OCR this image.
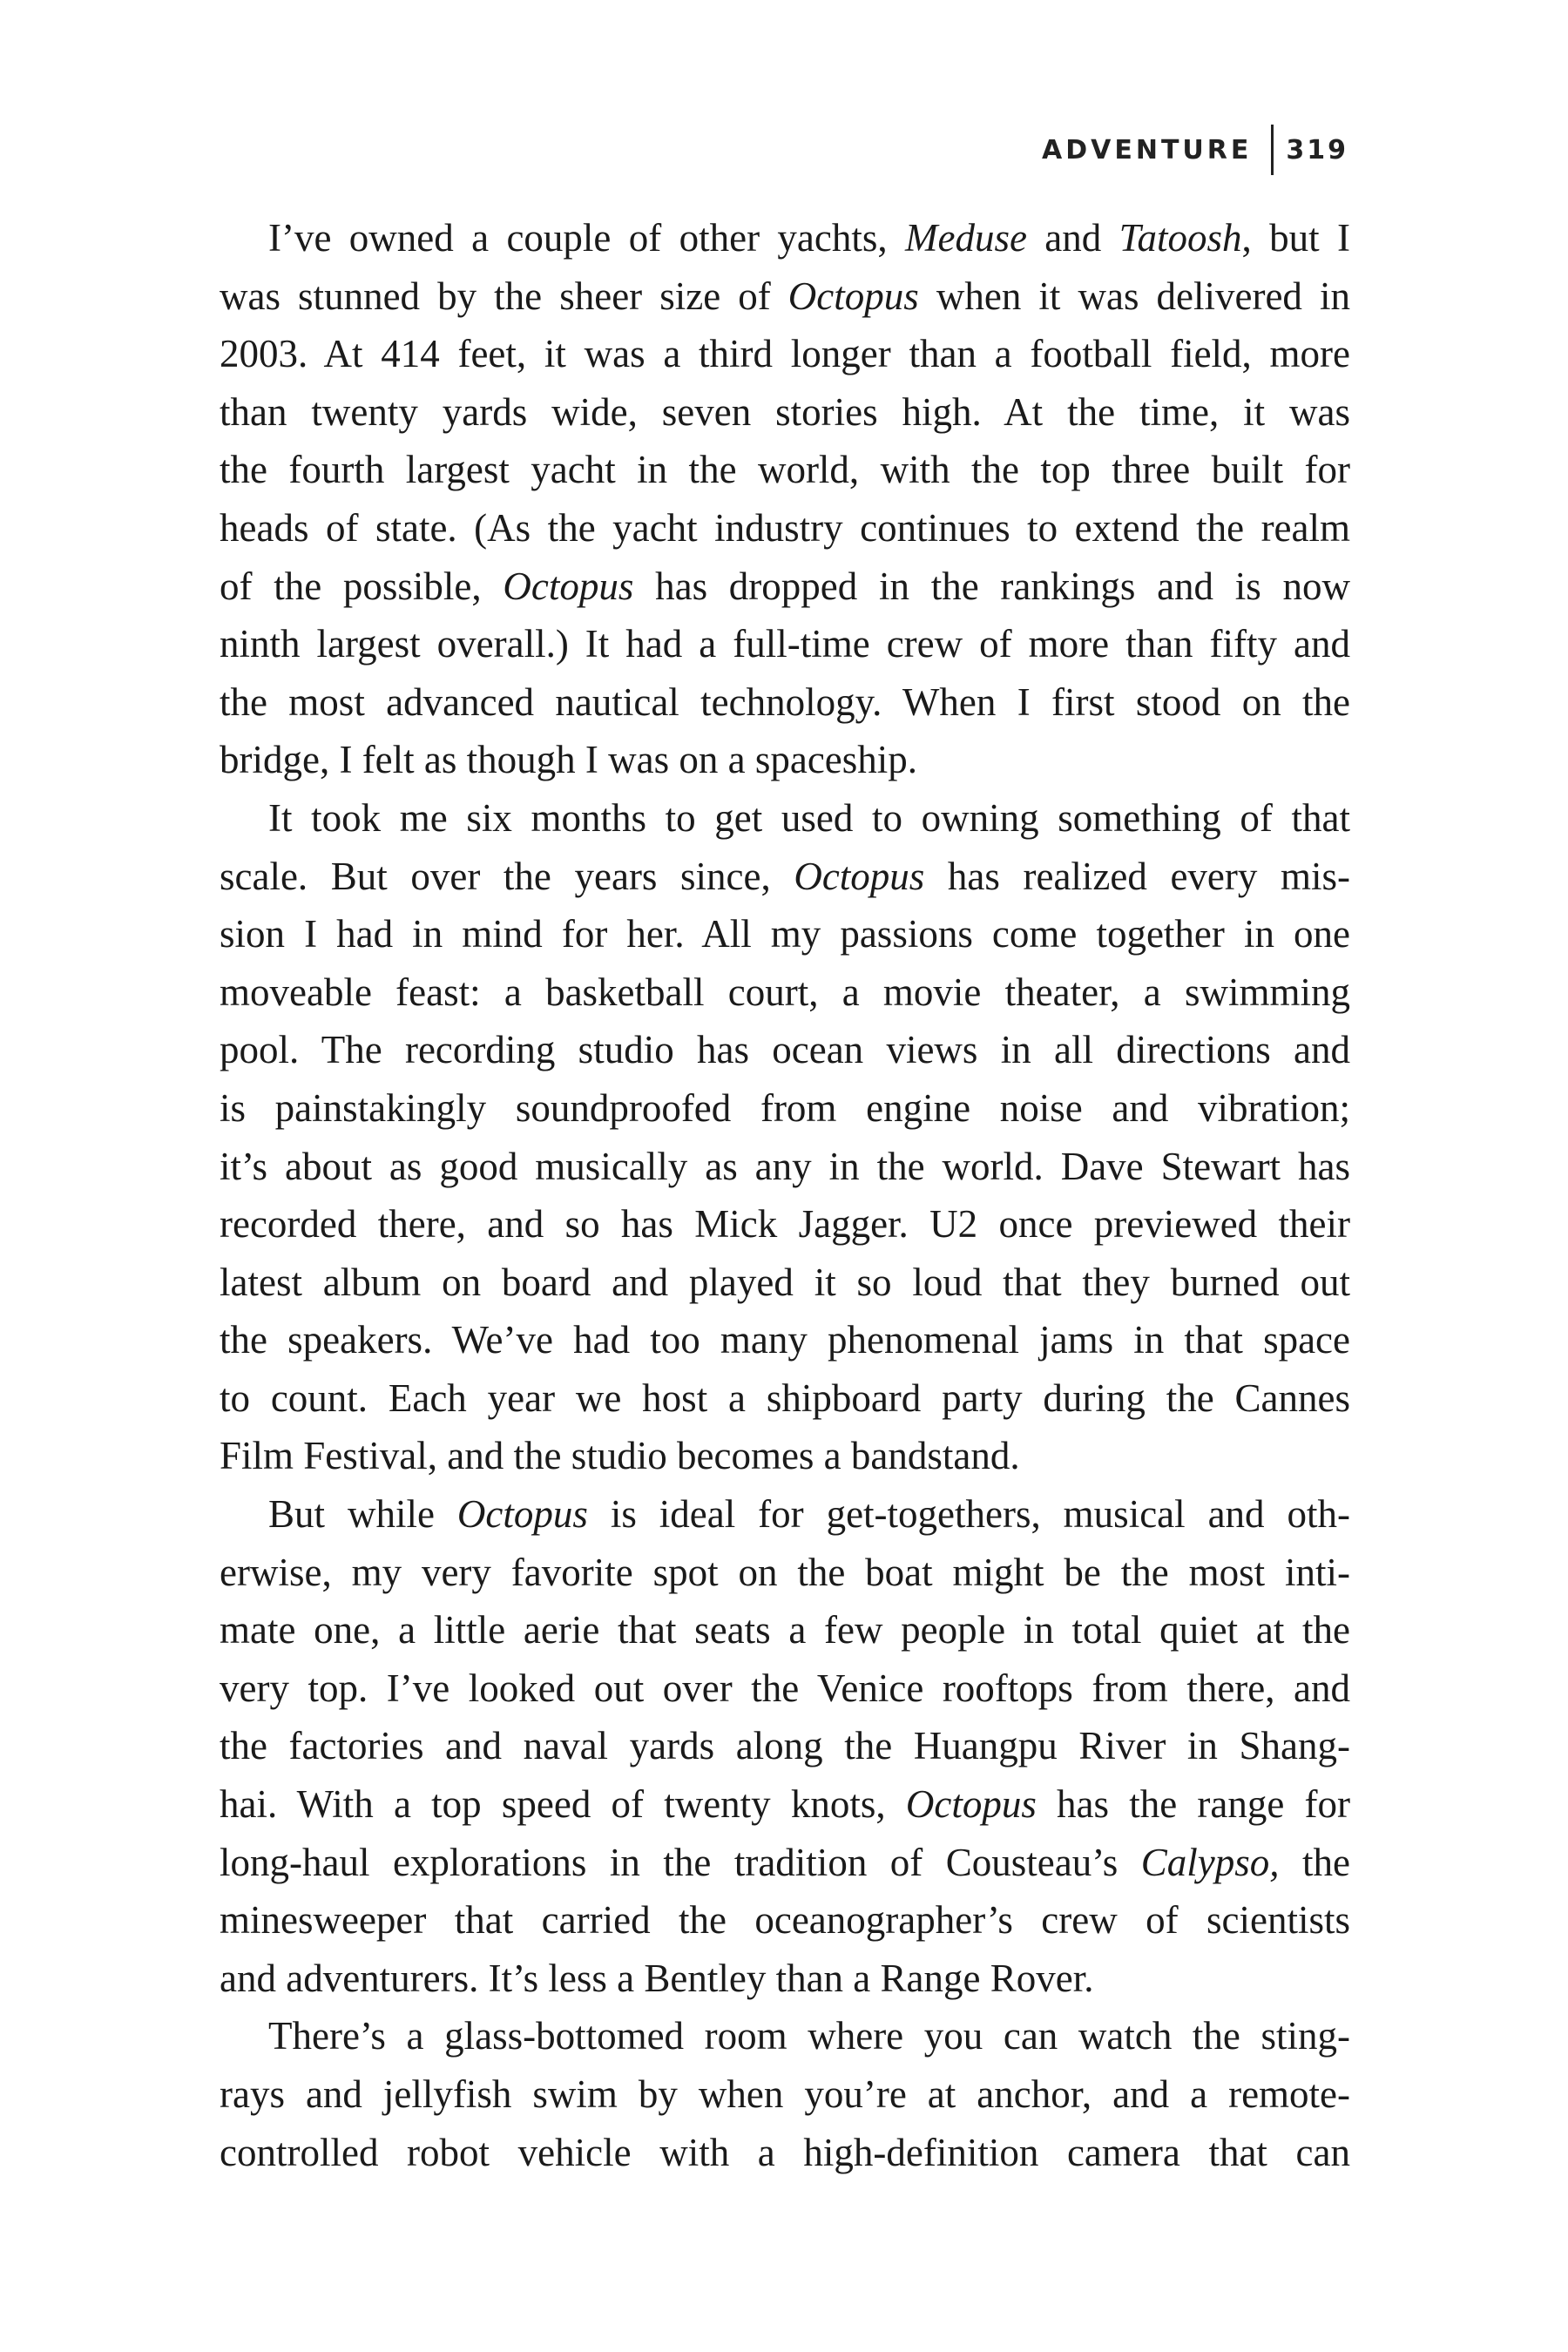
ADVENTURE 319
I’ve owned a couple of other yachts, Meduse and Tatoosh, but I
was stunned by the sheer size of Octopus when it was delivered in
2003. At 414 feet, it was a third longer than a football field, more
than twenty yards wide, seven stories high. At the time, it was
the fourth largest yacht in the world, with the top three built for
heads of state. (As the yacht industry continues to extend the realm
of the possible, Octopus has dropped in the rankings and is now
ninth largest overall.) It had a full-time crew of more than fifty and
the most advanced nautical technology. When I first stood on the
bridge, I felt as though I was on a spaceship.
It took me six months to get used to owning something of that
scale. But over the years since, Octopus has realized every mis-
sion I had in mind for her. All my passions come together in one
moveable feast: a basketball court, a movie theater, a swimming
pool. The recording studio has ocean views in all directions and
is painstakingly soundproofed from engine noise and vibration;
it’s about as good musically as any in the world. Dave Stewart has
recorded there, and so has Mick Jagger. U2 once previewed their
latest album on board and played it so loud that they burned out
the speakers. We’ve had too many phenomenal jams in that space
to count. Each year we host a shipboard party during the Cannes
Film Festival, and the studio becomes a bandstand.
But while Octopus is ideal for get-togethers, musical and oth-
erwise, my very favorite spot on the boat might be the most inti-
mate one, a little aerie that seats a few people in total quiet at the
very top. I’ve looked out over the Venice rooftops from there, and
the factories and naval yards along the Huangpu River in Shang-
hai. With a top speed of twenty knots, Octopus has the range for
long-haul explorations in the tradition of Cousteau’s Calypso, the
minesweeper that carried the oceanographer’s crew of scientists
and adventurers. It’s less a Bentley than a Range Rover.
There’s a glass-bottomed room where you can watch the sting-
rays and jellyfish swim by when you’re at anchor, and a remote-
controlled robot vehicle with a high-definition camera that can
